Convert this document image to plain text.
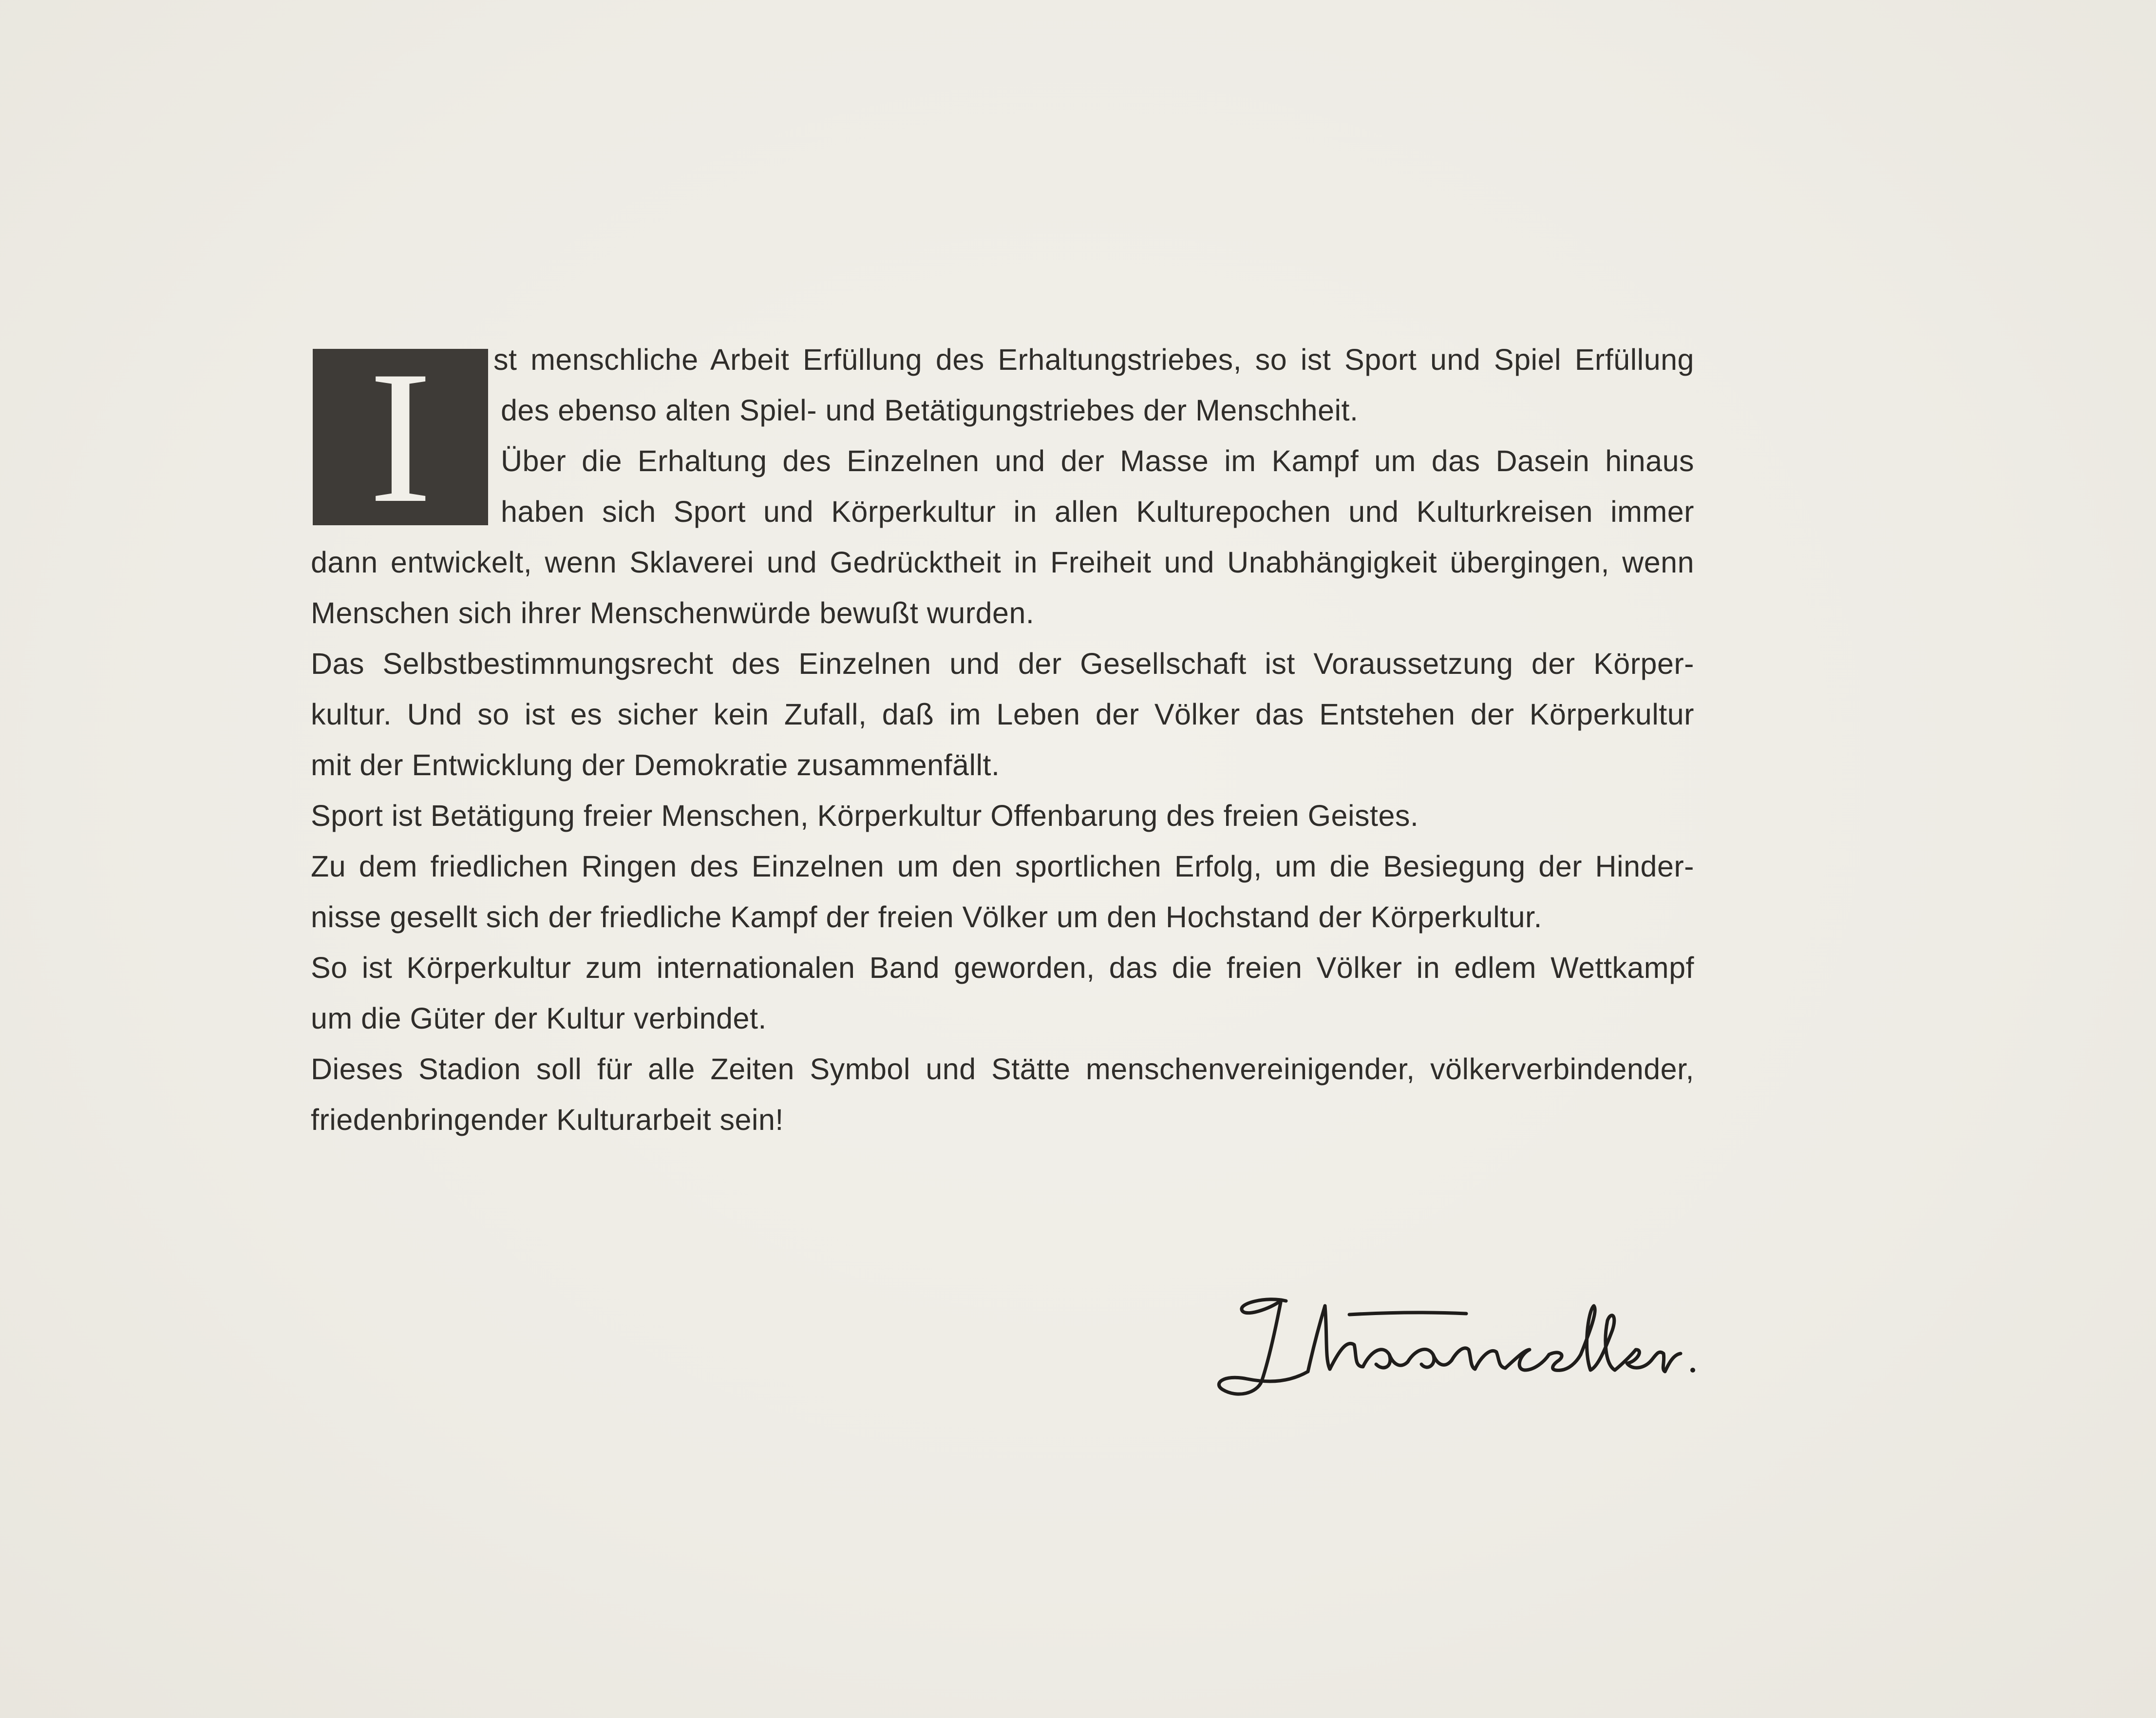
I	st menschliche Arbeit Erfüllung des Erhaltungstriebes, so ist Sport und Spiel Erfüllung
des ebenso alten Spiel- und Betätigungstriebes der Menschheit.
Über die Erhaltung des Einzelnen und der Masse im Kampf um das Dasein hinaus
haben sich Sport und Körperkultur in allen Kulturepochen und Kulturkreisen immer
dann entwickelt, wenn Sklaverei und Gedrücktheit in Freiheit und Unabhängigkeit übergingen, wenn
Menschen sich ihrer Menschenwürde bewußt wurden.
Das Selbstbestimmungsrecht des Einzelnen und der Gesellschaft ist Voraussetzung der Körper-
kultur. Und so ist es sicher kein Zufall, daß im Leben der Völker das Entstehen der Körperkultur
mit der Entwicklung der Demokratie zusammenfällt.
Sport ist Betätigung freier Menschen, Körperkultur Offenbarung des freien Geistes.
Zu dem friedlichen Ringen des Einzelnen um den sportlichen Erfolg, um die Besiegung der Hinder-
nisse gesellt sich der friedliche Kampf der freien Völker um den Hochstand der Körperkultur.
So ist Körperkultur zum internationalen Band geworden, das die freien Völker in edlem Wettkampf
um die Güter der Kultur verbindet.
Dieses Stadion soll für alle Zeiten Symbol und Stätte menschenvereinigender, völkerverbindender,
friedenbringender Kulturarbeit sein!
